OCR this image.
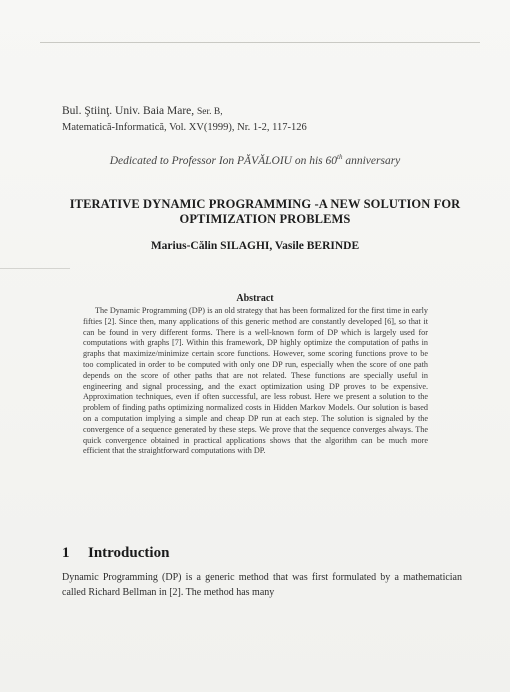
Bul. Ştiinţ. Univ. Baia Mare, Ser. B,
Matematică-Informatică, Vol. XV(1999), Nr. 1-2, 117-126
Dedicated to Professor Ion PĂVĂLOIU on his 60th anniversary
ITERATIVE DYNAMIC PROGRAMMING -A NEW SOLUTION FOR
OPTIMIZATION PROBLEMS
Marius-Călin SILAGHI, Vasile BERINDE
Abstract
The Dynamic Programming (DP) is an old strategy that has been formalized for the first time in early fifties [2]. Since then, many applications of this generic method are constantly developed [6], so that it can be found in very different forms. There is a well-known form of DP which is largely used for computations with graphs [7]. Within this framework, DP highly optimize the computation of paths in graphs that maximize/minimize certain score functions. However, some scoring functions prove to be too complicated in order to be computed with only one DP run, especially when the score of one path depends on the score of other paths that are not related. These functions are specially useful in engineering and signal processing, and the exact optimization using DP proves to be expensive. Approximation techniques, even if often successful, are less robust. Here we present a solution to the problem of finding paths optimizing normalized costs in Hidden Markov Models. Our solution is based on a computation implying a simple and cheap DP run at each step. The solution is signaled by the convergence of a sequence generated by these steps. We prove that the sequence converges always. The quick convergence obtained in practical applications shows that the algorithm can be much more efficient that the straightforward computations with DP.
1 Introduction
Dynamic Programming (DP) is a generic method that was first formulated by a mathematician called Richard Bellman in [2]. The method has many
